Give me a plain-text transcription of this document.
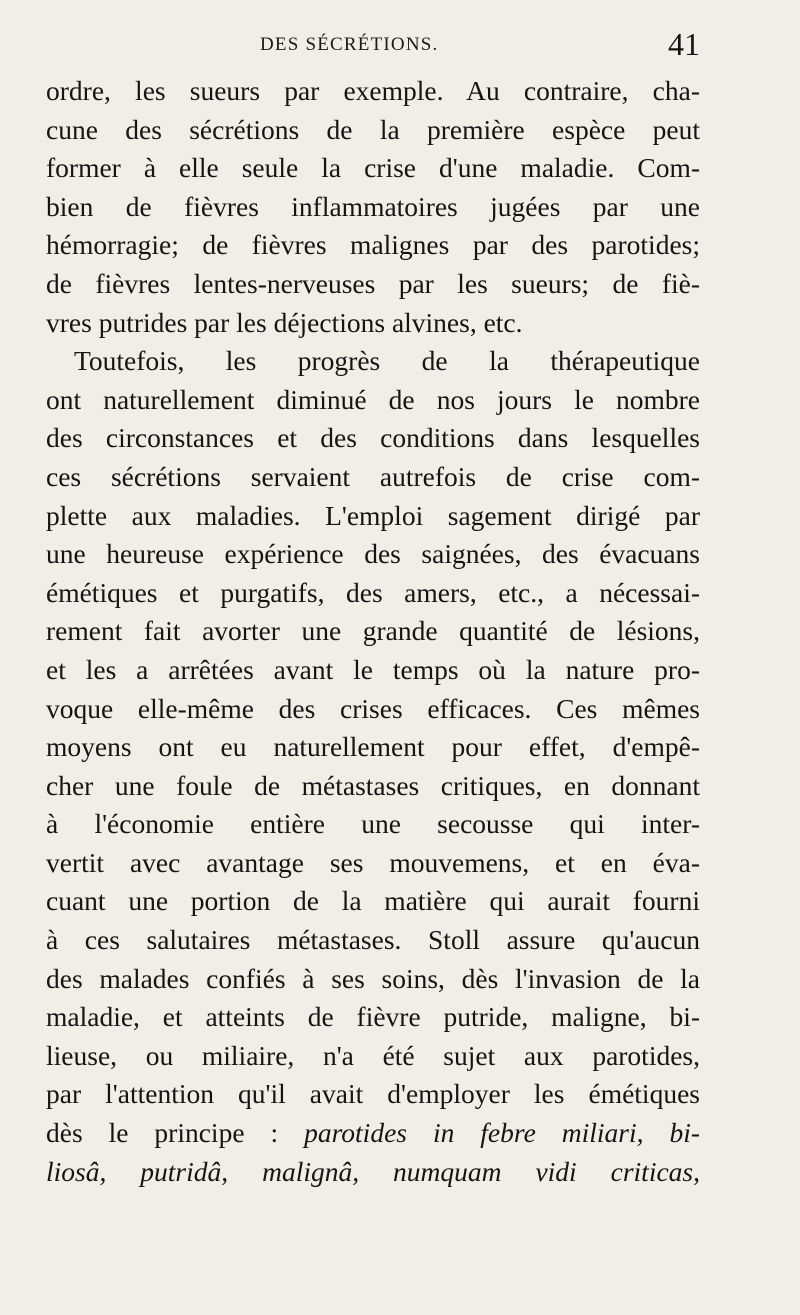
DES SÉCRÉTIONS.	41
ordre, les sueurs par exemple. Au contraire, cha-
cune des sécrétions de la première espèce peut
former à elle seule la crise d'une maladie. Com-
bien de fièvres inflammatoires jugées par une
hémorragie; de fièvres malignes par des parotides;
de fièvres lentes-nerveuses par les sueurs; de fiè-
vres putrides par les déjections alvines, etc.
Toutefois, les progrès de la thérapeutique
ont naturellement diminué de nos jours le nombre
des circonstances et des conditions dans lesquelles
ces sécrétions servaient autrefois de crise com-
plette aux maladies. L'emploi sagement dirigé par
une heureuse expérience des saignées, des évacuans
émétiques et purgatifs, des amers, etc., a nécessai-
rement fait avorter une grande quantité de lésions,
et les a arrêtées avant le temps où la nature pro-
voque elle-même des crises efficaces. Ces mêmes
moyens ont eu naturellement pour effet, d'empê-
cher une foule de métastases critiques, en donnant
à l'économie entière une secousse qui inter-
vertit avec avantage ses mouvemens, et en éva-
cuant une portion de la matière qui aurait fourni
à ces salutaires métastases. Stoll assure qu'aucun
des malades confiés à ses soins, dès l'invasion de la
maladie, et atteints de fièvre putride, maligne, bi-
lieuse, ou miliaire, n'a été sujet aux parotides,
par l'attention qu'il avait d'employer les émétiques
dès le principe : parotides in febre miliari, bi-
liosâ, putridâ, malignâ, numquam vidi criticas,
